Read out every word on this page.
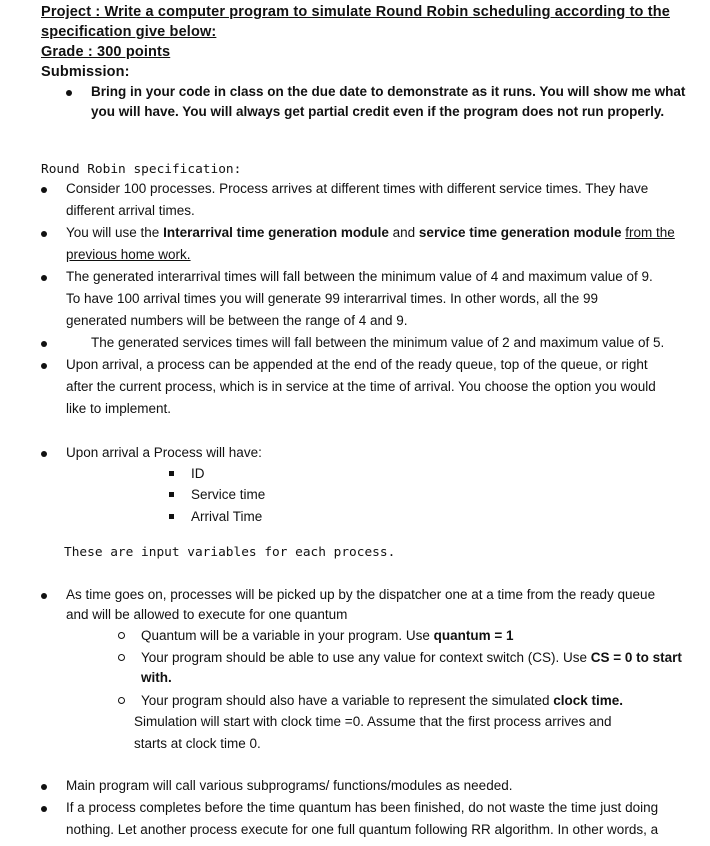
Project : Write a computer program to simulate Round Robin scheduling according to the
specification give below:
Grade : 300 points
Submission:
Bring in your code in class on the due date to demonstrate as it runs. You will show me what
you will have. You will always get partial credit even if the program does not run properly.
Round Robin specification:
Consider 100 processes. Process arrives at different times with different service times. They have
different arrival times.
You will use the Interarrival time generation module and service time generation module from the
previous home work.
The generated interarrival times will fall between the minimum value of 4 and maximum value of 9.
To have 100 arrival times you will generate 99 interarrival times. In other words, all the 99
generated numbers will be between the range of 4 and 9.
The generated services times will fall between the minimum value of 2 and maximum value of 5.
Upon arrival, a process can be appended at the end of the ready queue, top of the queue, or right
after the current process, which is in service at the time of arrival. You choose the option you would
like to implement.
Upon arrival a Process will have:
ID
Service time
Arrival Time
These are input variables for each process.
As time goes on, processes will be picked up by the dispatcher one at a time from the ready queue
and will be allowed to execute for one quantum
Quantum will be a variable in your program. Use quantum = 1
Your program should be able to use any value for context switch (CS). Use CS = 0 to start
with.
Your program should also have a variable to represent the simulated clock time.
Simulation will start with clock time =0. Assume that the first process arrives and
starts at clock time 0.
Main program will call various subprograms/ functions/modules as needed.
If a process completes before the time quantum has been finished, do not waste the time just doing
nothing. Let another process execute for one full quantum following RR algorithm. In other words, a
